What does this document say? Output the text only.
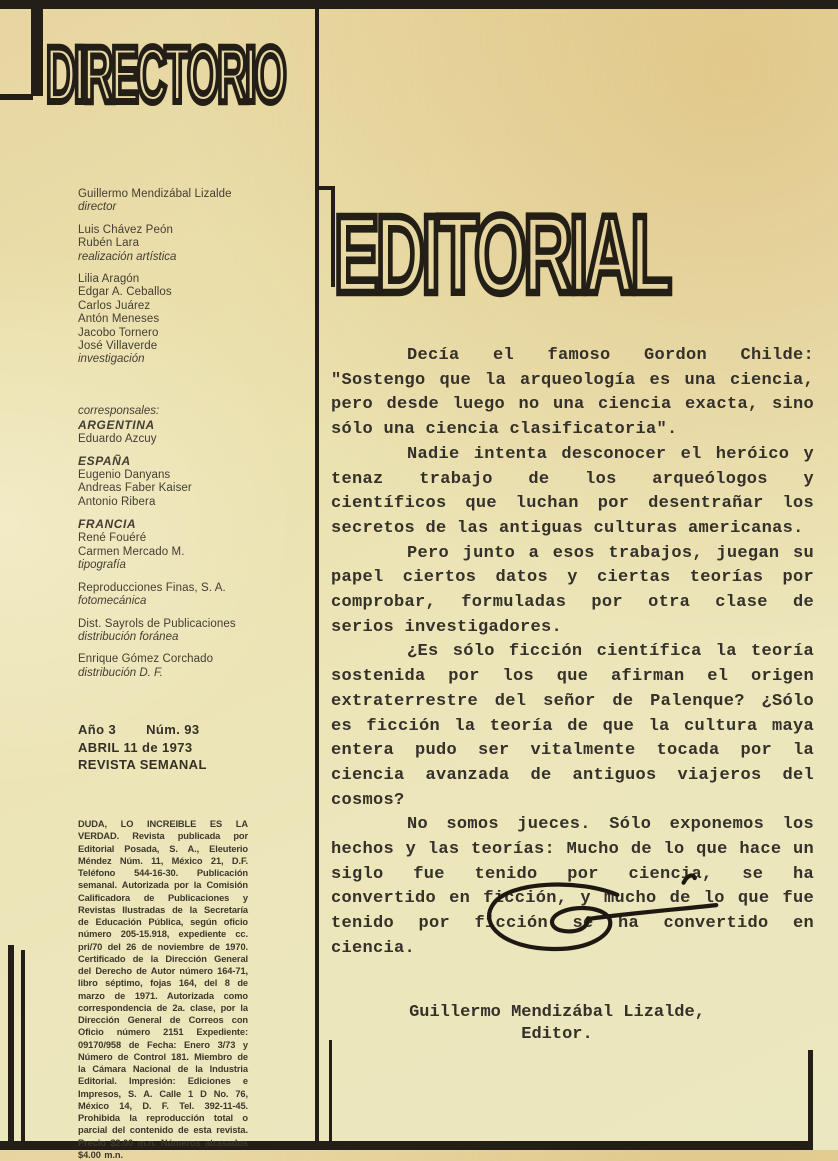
DIRECTORIO
EDITORIAL
Guillermo Mendizábal Lizalde
director
Luis Chávez Peón
Rubén Lara
realización artística
Lilia Aragón
Edgar A. Ceballos
Carlos Juárez
Antón Meneses
Jacobo Tornero
José Villaverde
investigación
corresponsales:
ARGENTINA
Eduardo Azcuy
ESPAÑA
Eugenio Danyans
Andreas Faber Kaiser
Antonio Ribera
FRANCIA
René Fouéré
Carmen Mercado M.
tipografía
Reproducciones Finas, S. A.
fotomecánica
Dist. Sayrols de Publicaciones
distribución foránea
Enrique Gómez Corchado
distribución D. F.
Año 3 Núm. 93
ABRIL 11 de 1973
REVISTA SEMANAL
DUDA, LO INCREIBLE ES LA VERDAD. Revista publicada por Editorial Posada, S. A., Eleuterio Méndez Núm. 11, México 21, D.F. Teléfono 544-16-30. Publicación semanal. Autorizada por la Comisión Calificadora de Publicaciones y Revistas Ilustradas de la Secretaría de Educación Pública, según oficio número 205-15.918, expediente cc. pri/70 del 26 de noviembre de 1970. Certificado de la Dirección General del Derecho de Autor número 164-71, libro séptimo, fojas 164, del 8 de marzo de 1971. Autorizada como correspondencia de 2a. clase, por la Dirección General de Correos con Oficio número 2151 Expediente: 09170/958 de Fecha: Enero 3/73 y Número de Control 181. Miembro de la Cámara Nacional de la Industria Editorial. Impresión: Ediciones e Impresos, S. A. Calle 1 D No. 76, México 14, D. F. Tel. 392-11-45. Prohibida la reproducción total o parcial del contenido de esta revista. Precio $2.00 m.n. Números atrasados $4.00 m.n.

Decía el famoso Gordon Childe: "Sostengo que la arqueología es una ciencia, pero desde luego no una ciencia exacta, sino sólo una ciencia clasificatoria".

Nadie intenta desconocer el heróico y tenaz trabajo de los arqueólogos y científicos que luchan por desentrañar los secretos de las antiguas culturas americanas.

Pero junto a esos trabajos, juegan su papel ciertos datos y ciertas teorías por comprobar, formuladas por otra clase de serios investigadores.

¿Es sólo ficción científica la teoría sostenida por los que afirman el origen extraterrestre del señor de Palenque? ¿Sólo es ficción la teoría de que la cultura maya entera pudo ser vitalmente tocada por la ciencia avanzada de antiguos viajeros del cosmos?

No somos jueces. Sólo exponemos los hechos y las teorías: Mucho de lo que hace un siglo fue tenido por ciencia, se ha convertido en ficción, y mucho de lo que fue tenido por ficción se ha convertido en ciencia.

Guillermo Mendizábal Lizalde,
Editor.
